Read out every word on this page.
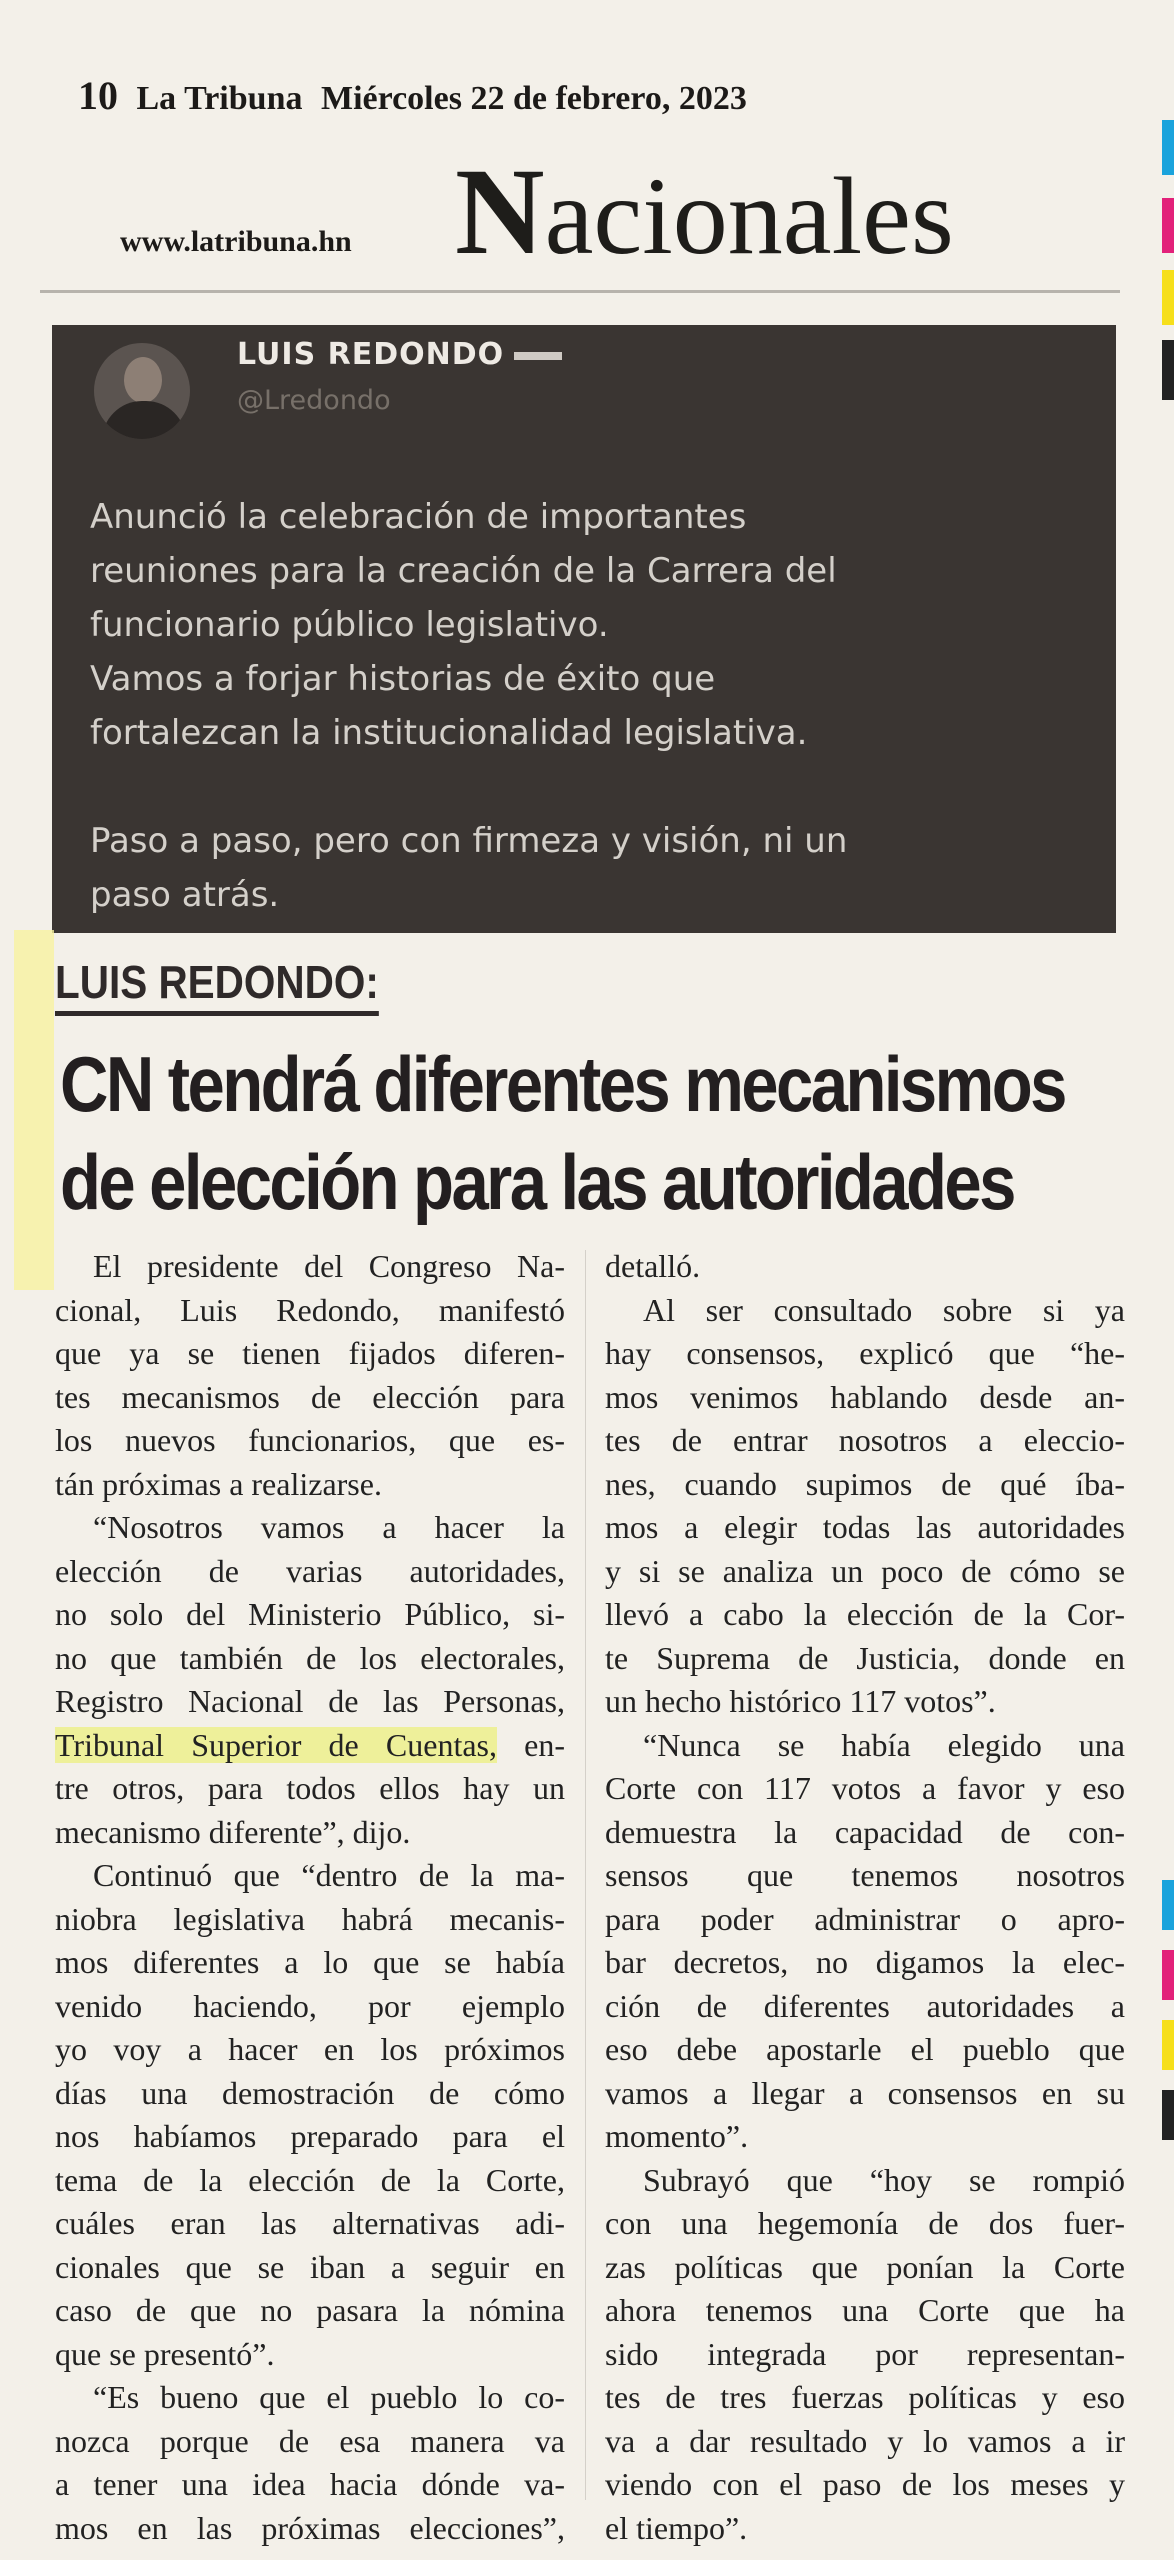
10 La Tribuna Miércoles 22 de febrero, 2023
www.latribuna.hn Nacionales
LUIS REDONDO
@Lredondo

Anunció la celebración de importantes
reuniones para la creación de la Carrera del
funcionario público legislativo.
Vamos a forjar historias de éxito que
fortalezcan la institucionalidad legislativa.

Paso a paso, pero con firmeza y visión, ni un
paso atrás.

LUIS REDONDO:
CN tendrá diferentes mecanismos
de elección para las autoridades
El presidente del Congreso Na-
cional, Luis Redondo, manifestó
que ya se tienen fijados diferen-
tes mecanismos de elección para
los nuevos funcionarios, que es-
tán próximas a realizarse.
“Nosotros vamos a hacer la
elección de varias autoridades,
no solo del Ministerio Público, si-
no que también de los electorales,
Registro Nacional de las Personas,
Tribunal Superior de Cuentas, en-
tre otros, para todos ellos hay un
mecanismo diferente”, dijo.
Continuó que “dentro de la ma-
niobra legislativa habrá mecanis-
mos diferentes a lo que se había
venido haciendo, por ejemplo
yo voy a hacer en los próximos
días una demostración de cómo
nos habíamos preparado para el
tema de la elección de la Corte,
cuáles eran las alternativas adi-
cionales que se iban a seguir en
caso de que no pasara la nómina
que se presentó”.
“Es bueno que el pueblo lo co-
nozca porque de esa manera va
a tener una idea hacia dónde va-
mos en las próximas elecciones”,
detalló.
Al ser consultado sobre si ya
hay consensos, explicó que “he-
mos venimos hablando desde an-
tes de entrar nosotros a eleccio-
nes, cuando supimos de qué íba-
mos a elegir todas las autoridades
y si se analiza un poco de cómo se
llevó a cabo la elección de la Cor-
te Suprema de Justicia, donde en
un hecho histórico 117 votos”.
“Nunca se había elegido una
Corte con 117 votos a favor y eso
demuestra la capacidad de con-
sensos que tenemos nosotros
para poder administrar o apro-
bar decretos, no digamos la elec-
ción de diferentes autoridades a
eso debe apostarle el pueblo que
vamos a llegar a consensos en su
momento”.
Subrayó que “hoy se rompió
con una hegemonía de dos fuer-
zas políticas que ponían la Corte
ahora tenemos una Corte que ha
sido integrada por representan-
tes de tres fuerzas políticas y eso
va a dar resultado y lo vamos a ir
viendo con el paso de los meses y
el tiempo”.
